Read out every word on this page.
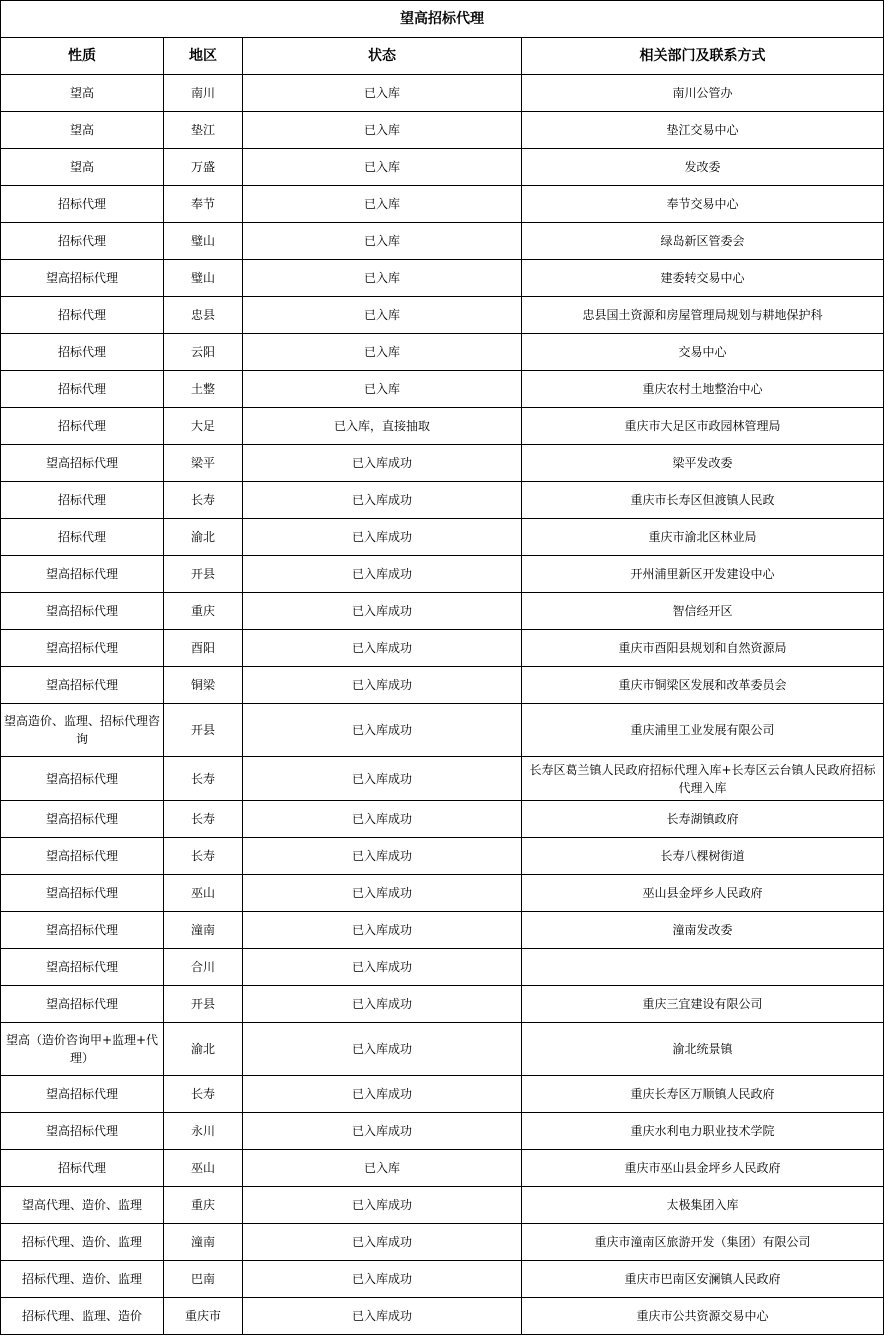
望高招标代理			
性质	地区	状态	相关部门及联系方式
望高	南川	已入库	南川公管办
望高	垫江	已入库	垫江交易中心
望高	万盛	已入库	发改委
招标代理	奉节	已入库	奉节交易中心
招标代理	璧山	已入库	绿岛新区管委会
望高招标代理	璧山	已入库	建委转交易中心
招标代理	忠县	已入库	忠县国土资源和房屋管理局规划与耕地保护科
招标代理	云阳	已入库	交易中心
招标代理	土整	已入库	重庆农村土地整治中心
招标代理	大足	已入库，直接抽取	重庆市大足区市政园林管理局
望高招标代理	梁平	已入库成功	梁平发改委
招标代理	长寿	已入库成功	重庆市长寿区但渡镇人民政
招标代理	渝北	已入库成功	重庆市渝北区林业局
望高招标代理	开县	已入库成功	开州浦里新区开发建设中心
望高招标代理	重庆	已入库成功	智信经开区
望高招标代理	酉阳	已入库成功	重庆市酉阳县规划和自然资源局
望高招标代理	铜梁	已入库成功	重庆市铜梁区发展和改革委员会
望高造价、监理、招标代理咨询	开县	已入库成功	重庆浦里工业发展有限公司
望高招标代理	长寿	已入库成功	长寿区葛兰镇人民政府招标代理入库+长寿区云台镇人民政府招标代理入库
望高招标代理	长寿	已入库成功	长寿湖镇政府
望高招标代理	长寿	已入库成功	长寿八棵树街道
望高招标代理	巫山	已入库成功	巫山县金坪乡人民政府
望高招标代理	潼南	已入库成功	潼南发改委
望高招标代理	合川	已入库成功	
望高招标代理	开县	已入库成功	重庆三宜建设有限公司
望高（造价咨询甲+监理+代理）	渝北	已入库成功	渝北统景镇
望高招标代理	长寿	已入库成功	重庆长寿区万顺镇人民政府
望高招标代理	永川	已入库成功	重庆水利电力职业技术学院
招标代理	巫山	已入库	重庆市巫山县金坪乡人民政府
望高代理、造价、监理	重庆	已入库成功	太极集团入库
招标代理、造价、监理	潼南	已入库成功	重庆市潼南区旅游开发（集团）有限公司
招标代理、造价、监理	巴南	已入库成功	重庆市巴南区安澜镇人民政府
招标代理、监理、造价	重庆市	已入库成功	重庆市公共资源交易中心
